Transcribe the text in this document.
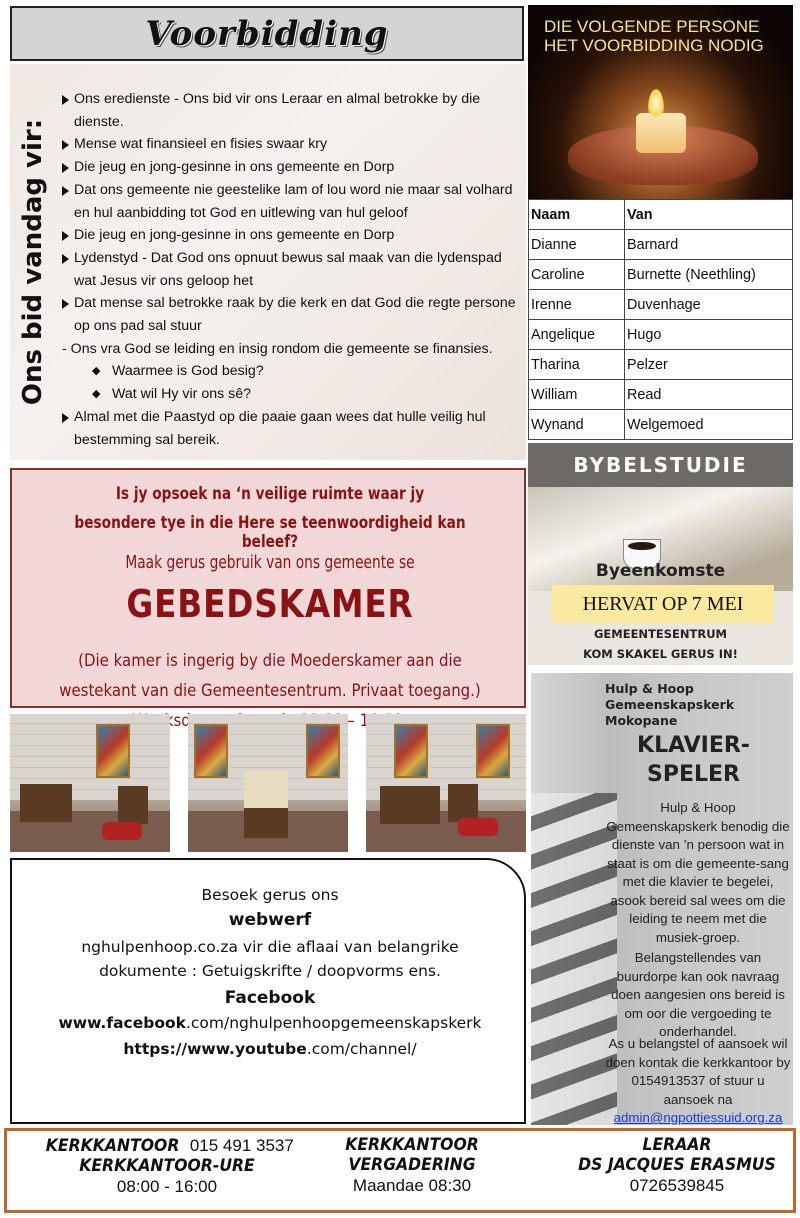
Voorbidding
Ons bid vandag vir:
Ons eredienste - Ons bid vir ons Leraar en almal betrokke by die dienste.
Mense wat finansieel en fisies swaar kry
Die jeug en jong-gesinne in ons gemeente en Dorp
Dat ons gemeente nie geestelike lam of lou word nie maar sal volhard en hul aanbidding tot God en uitlewing van hul geloof
Die jeug en jong-gesinne in ons gemeente en Dorp
Lydenstyd - Dat God ons opnuut bewus sal maak van die lydenspad wat Jesus vir ons geloop het
Dat mense sal betrokke raak by die kerk en dat God die regte persone op ons pad sal stuur
- Ons vra God se leiding en insig rondom die gemeente se finansies.
◆ Waarmee is God besig?
◆ Wat wil Hy vir ons sê?
Almal met die Paastyd op die paaie gaan wees dat hulle veilig hul bestemming sal bereik.
DIE VOLGENDE PERSONE HET VOORBIDDING NODIG
Naam	Van
Dianne	Barnard
Caroline	Burnette (Neethling)
Irenne	Duvenhage
Angelique	Hugo
Tharina	Pelzer
William	Read
Wynand	Welgemoed
Is jy opsoek na ‘n veilige ruimte waar jy
besondere tye in die Here se teenwoordigheid kan beleef?
Maak gerus gebruik van ons gemeente se
GEBEDSKAMER
(Die kamer is ingerig by die Moederskamer aan die westekant van die Gemeentesentrum. Privaat toegang.) Weeksdae –
Besoek gerus ons
webwerf
nghulpenhoop.co.za vir die aflaai van belangrike
dokumente : Getuigskrifte / doopvorms ens.
Facebook
www.facebook.com/nghulpenhoopgemeenskapskerk
https://www.youtube.com/channel/
BYBELSTUDIE
Byeenkomste
HERVAT OP 7 MEI
GEMEENTESENTRUM
KOM SKAKEL GERUS IN!
Hulp & Hoop Gemeenskapskerk Mokopane
KLAVIER-
SPELER
Hulp & Hoop Gemeenskapskerk benodig die dienste van ’n persoon wat in staat is om die gemeente-sang met die klavier te begelei, asook bereid sal wees om die leiding te neem met die musiek-groep.
Belangstellendes van buurdorpe kan ook navraag doen aangesien ons bereid is om oor die vergoeding te onderhandel.
As u belangstel of aansoek wil doen kontak die kerkkantoor by 0154913537 of stuur u aansoek na admin@ngpottiessuid.org.za
KERKKANTOOR 015 491 3537
KERKKANTOOR-URE
08:00 - 16:00
KERKKANTOOR
VERGADERING
Maandae 08:30
LERAAR
DS JACQUES ERASMUS
0726539845
